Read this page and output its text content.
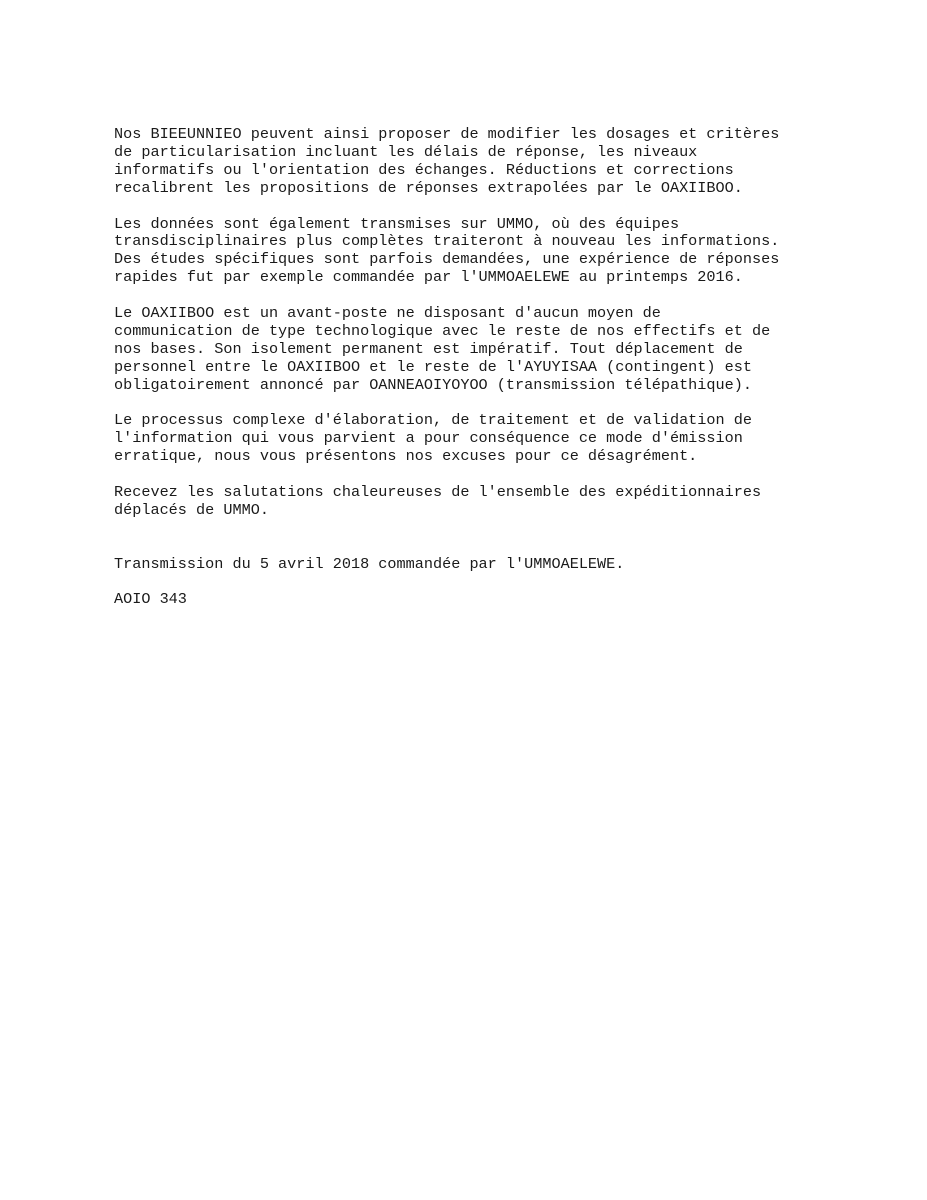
Nos BIEEUNNIEO peuvent ainsi proposer de modifier les dosages et critères
de particularisation incluant les délais de réponse, les niveaux
informatifs ou l'orientation des échanges. Réductions et corrections
recalibrent les propositions de réponses extrapolées par le OAXIIBOO.

Les données sont également transmises sur UMMO, où des équipes
transdisciplinaires plus complètes traiteront à nouveau les informations.
Des études spécifiques sont parfois demandées, une expérience de réponses
rapides fut par exemple commandée par l'UMMOAELEWE au printemps 2016.

Le OAXIIBOO est un avant-poste ne disposant d'aucun moyen de
communication de type technologique avec le reste de nos effectifs et de
nos bases. Son isolement permanent est impératif. Tout déplacement de
personnel entre le OAXIIBOO et le reste de l'AYUYISAA (contingent) est
obligatoirement annoncé par OANNEAOIYOYOO (transmission télépathique).

Le processus complexe d'élaboration, de traitement et de validation de
l'information qui vous parvient a pour conséquence ce mode d'émission
erratique, nous vous présentons nos excuses pour ce désagrément.

Recevez les salutations chaleureuses de l'ensemble des expéditionnaires
déplacés de UMMO.

Transmission du 5 avril 2018 commandée par l'UMMOAELEWE.

AOIO 343
